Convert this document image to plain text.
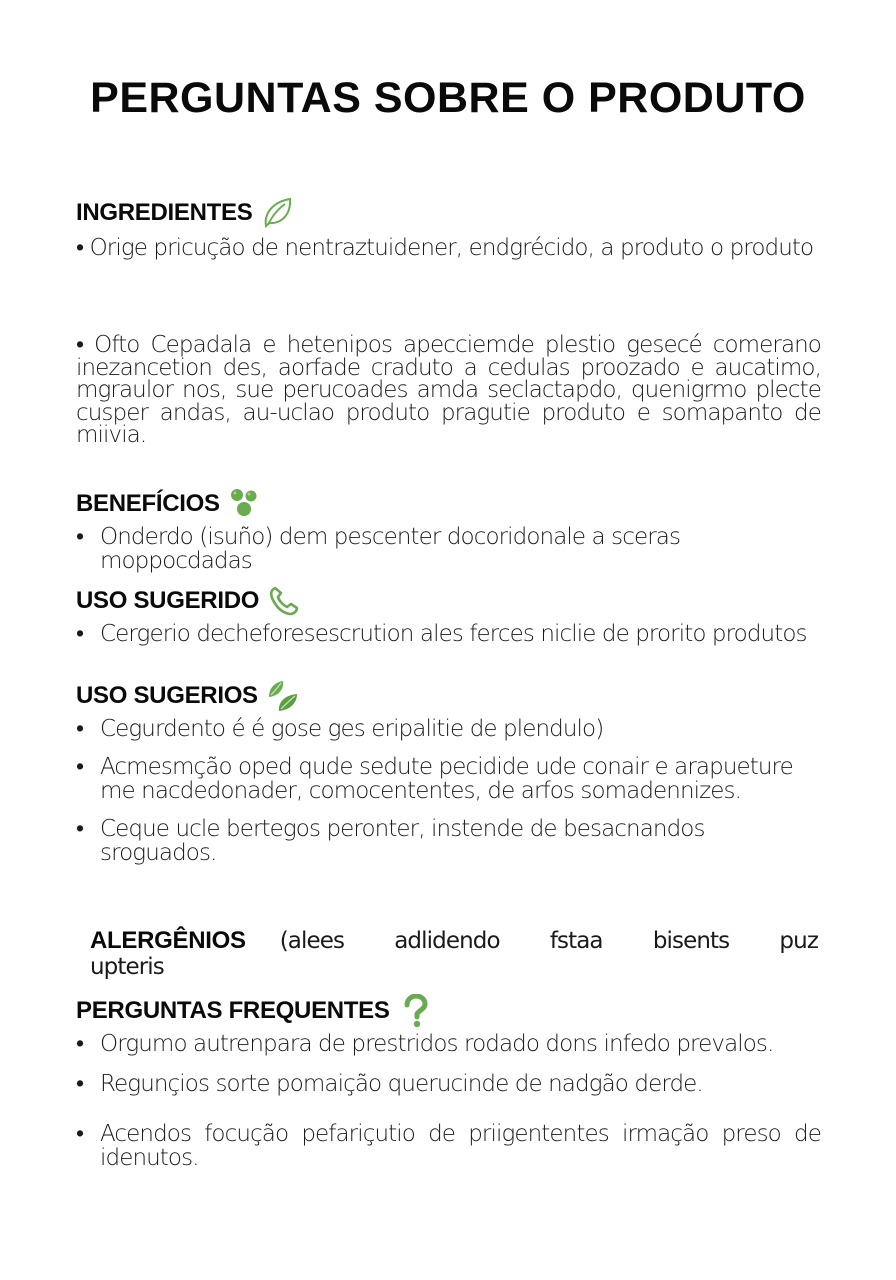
PERGUNTAS SOBRE O PRODUTO
INGREDIENTES

• Orige pricução de nentraztuidener, endgrécido, a produto o produto

• Ofto Cepadala e hetenipos apecciemde plestio gesecé comerano inezancetion des, aorfade craduto a cedulas proozado e aucatimo, mgraulor nos, sue perucoades amda seclactapdo, quenigrmo plecte cusper andas, au-uclao produto pragutie produto e somapanto de miivia.

BENEFÍCIOS

• Onderdo (isuño) dem pescenter docoridonale a sceras moppocdadas

USO SUGERIDO

• Cergerio decheforesescrution ales ferces niclie de prorito produtos

USO SUGERIOS

• Cegurdento é é gose ges eripalitie de plendulo)

• Acmesmção oped qude sedute pecidide ude conair e arapueture me nacdedonader, comocententes, de arfos somadennizes.

• Ceque ucle bertegos peronter, instende de besacnandos sroguados.

ALERGÊNIOS (alees adlidendo fstaa bisents puz upteris
PERGUNTAS FREQUENTES

• Orgumo autrenpara de prestridos rodado dons infedo prevalos.

• Regunçios sorte pomaição querucinde de nadgão derde.

• Acendos focução pefariçutio de priigententes irmação preso de idenutos.
